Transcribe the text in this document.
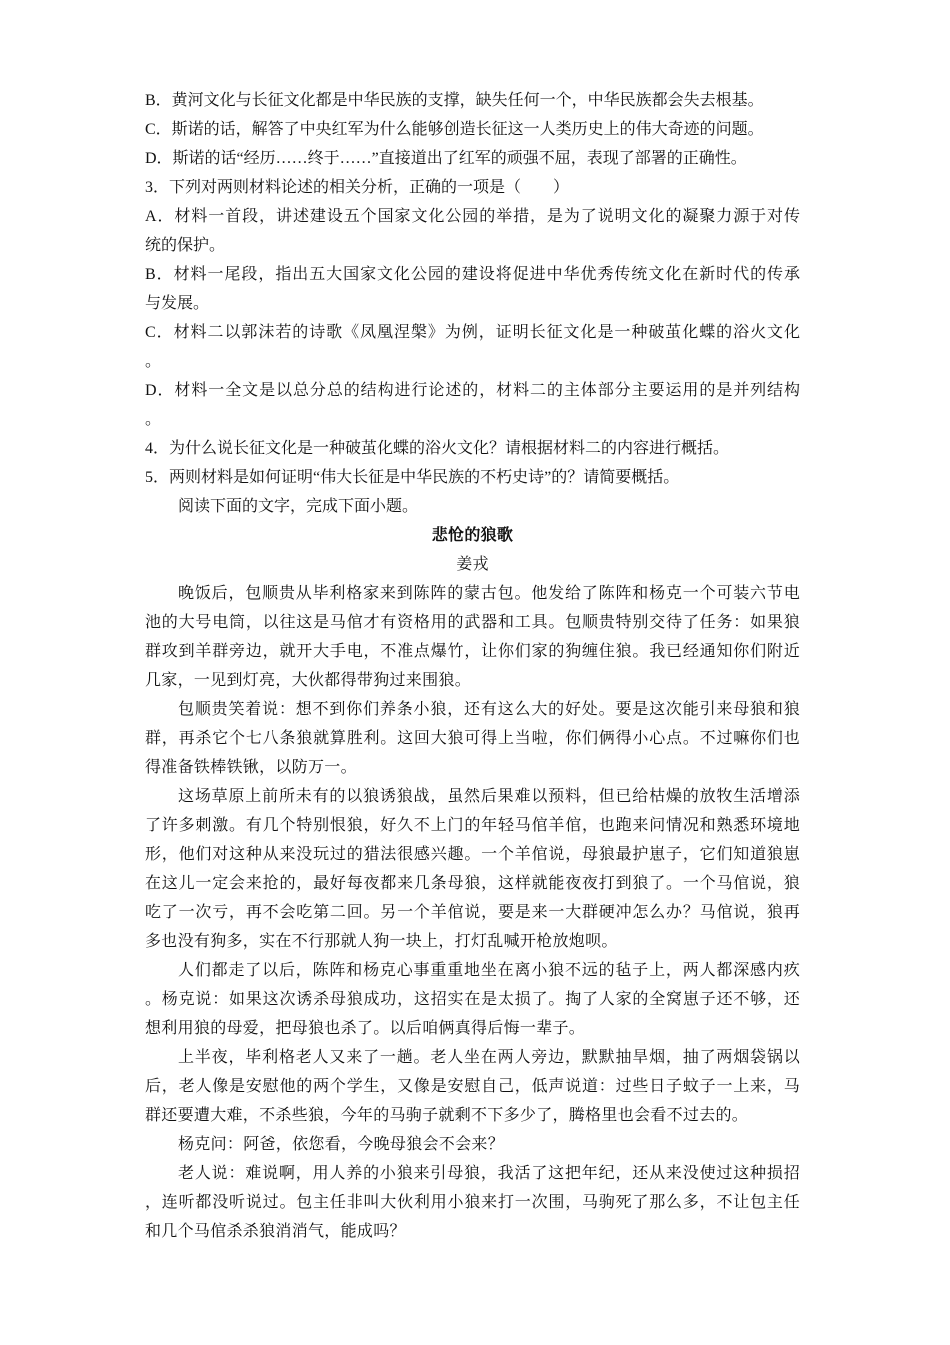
B．黄河文化与长征文化都是中华民族的支撑，缺失任何一个，中华民族都会失去根基。
C．斯诺的话，解答了中央红军为什么能够创造长征这一人类历史上的伟大奇迹的问题。
D．斯诺的话“经历……终于……”直接道出了红军的顽强不屈，表现了部署的正确性。
3．下列对两则材料论述的相关分析，正确的一项是（　　）
A．材料一首段，讲述建设五个国家文化公园的举措，是为了说明文化的凝聚力源于对传
统的保护。
B．材料一尾段，指出五大国家文化公园的建设将促进中华优秀传统文化在新时代的传承
与发展。
C．材料二以郭沫若的诗歌《凤凰涅槃》为例，证明长征文化是一种破茧化蝶的浴火文化
。
D．材料一全文是以总分总的结构进行论述的，材料二的主体部分主要运用的是并列结构
。
4．为什么说长征文化是一种破茧化蝶的浴火文化？请根据材料二的内容进行概括。
5．两则材料是如何证明“伟大长征是中华民族的不朽史诗”的？请简要概括。
阅读下面的文字，完成下面小题。
悲怆的狼歌
姜戎
晚饭后，包顺贵从毕利格家来到陈阵的蒙古包。他发给了陈阵和杨克一个可装六节电
池的大号电筒，以往这是马倌才有资格用的武器和工具。包顺贵特别交待了任务：如果狼
群攻到羊群旁边，就开大手电，不准点爆竹，让你们家的狗缠住狼。我已经通知你们附近
几家，一见到灯亮，大伙都得带狗过来围狼。
包顺贵笑着说：想不到你们养条小狼，还有这么大的好处。要是这次能引来母狼和狼
群，再杀它个七八条狼就算胜利。这回大狼可得上当啦，你们俩得小心点。不过嘛你们也
得准备铁棒铁锹，以防万一。
这场草原上前所未有的以狼诱狼战，虽然后果难以预料，但已给枯燥的放牧生活增添
了许多刺激。有几个特别恨狼，好久不上门的年轻马倌羊倌，也跑来问情况和熟悉环境地
形，他们对这种从来没玩过的猎法很感兴趣。一个羊倌说，母狼最护崽子，它们知道狼崽
在这儿一定会来抢的，最好每夜都来几条母狼，这样就能夜夜打到狼了。一个马倌说，狼
吃了一次亏，再不会吃第二回。另一个羊倌说，要是来一大群硬冲怎么办？马倌说，狼再
多也没有狗多，实在不行那就人狗一块上，打灯乱喊开枪放炮呗。
人们都走了以后，陈阵和杨克心事重重地坐在离小狼不远的毡子上，两人都深感内疚
。杨克说：如果这次诱杀母狼成功，这招实在是太损了。掏了人家的全窝崽子还不够，还
想利用狼的母爱，把母狼也杀了。以后咱俩真得后悔一辈子。
上半夜，毕利格老人又来了一趟。老人坐在两人旁边，默默抽旱烟，抽了两烟袋锅以
后，老人像是安慰他的两个学生，又像是安慰自己，低声说道：过些日子蚊子一上来，马
群还要遭大难，不杀些狼，今年的马驹子就剩不下多少了，腾格里也会看不过去的。
杨克问：阿爸，依您看，今晚母狼会不会来？
老人说：难说啊，用人养的小狼来引母狼，我活了这把年纪，还从来没使过这种损招
，连听都没听说过。包主任非叫大伙利用小狼来打一次围，马驹死了那么多，不让包主任
和几个马倌杀杀狼消消气，能成吗？
